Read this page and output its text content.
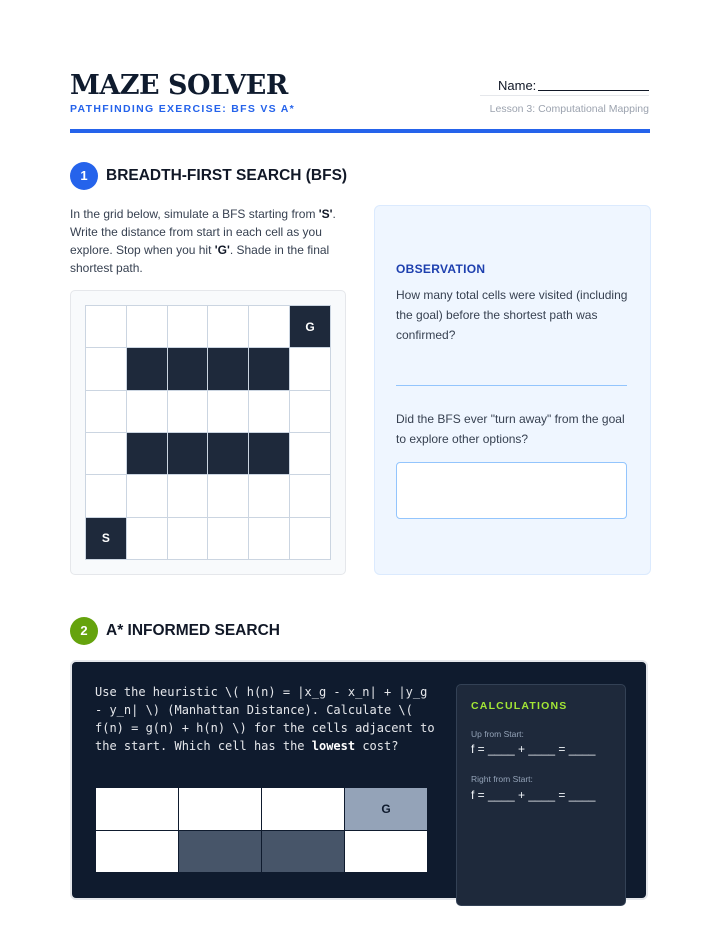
MAZE SOLVER
PATHFINDING EXERCISE: BFS VS A*
Name:
Lesson 3: Computational Mapping
1	BREADTH-FIRST SEARCH (BFS)
In the grid below, simulate a BFS starting from 'S'. Write the distance from start in each cell as you explore. Stop when you hit 'G'. Shade in the final shortest path.
G
S
OBSERVATION
How many total cells were visited (including the goal) before the shortest path was confirmed?
Did the BFS ever "turn away" from the goal to explore other options?
2	A* INFORMED SEARCH
Use the heuristic \( h(n) = |x_g - x_n| + |y_g - y_n| \) (Manhattan Distance). Calculate \( f(n) = g(n) + h(n) \) for the cells adjacent to the start. Which cell has the lowest cost?
G
CALCULATIONS
Up from Start:
f = ____ + ____ = ____
Right from Start:
f = ____ + ____ = ____
